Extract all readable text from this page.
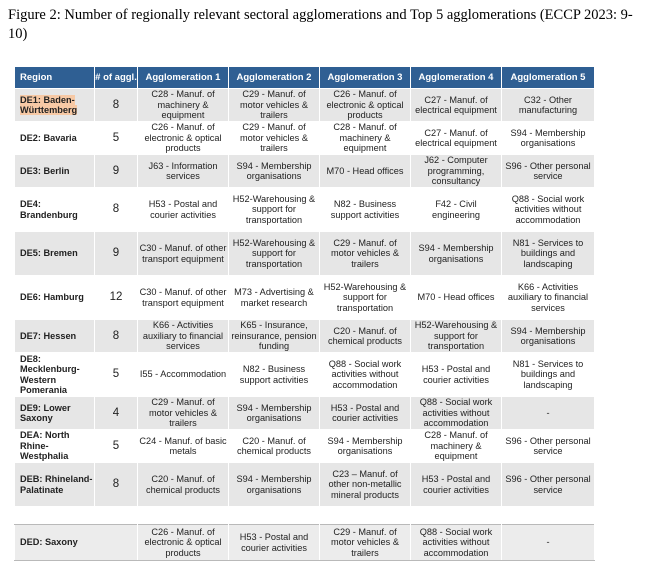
Figure 2: Number of regionally relevant sectoral agglomerations and Top 5 agglomerations (ECCP 2023: 9-10)
Region	# of aggl.	Agglomeration 1	Agglomeration 2	Agglomeration 3	Agglomeration 4	Agglomeration 5
DE1: Baden-Württemberg	8	C28 - Manuf. of machinery & equipment	C29 - Manuf. of motor vehicles & trailers	C26 - Manuf. of electronic & optical products	C27 - Manuf. of electrical equipment	C32 - Other manufacturing
DE2: Bavaria	5	C26 - Manuf. of electronic & optical products	C29 - Manuf. of motor vehicles & trailers	C28 - Manuf. of machinery & equipment	C27 - Manuf. of electrical equipment	S94 - Membership organisations
DE3: Berlin	9	J63 - Information services	S94 - Membership organisations	M70 - Head offices	J62 - Computer programming, consultancy	S96 - Other personal service
DE4: Brandenburg	8	H53 - Postal and courier activities	H52-Warehousing & support for transportation	N82 - Business support activities	F42 - Civil engineering	Q88 - Social work activities without accommodation
DE5: Bremen	9	C30 - Manuf. of other transport equipment	H52-Warehousing & support for transportation	C29 - Manuf. of motor vehicles & trailers	S94 - Membership organisations	N81 - Services to buildings and landscaping
DE6: Hamburg	12	C30 - Manuf. of other transport equipment	M73 - Advertising & market research	H52-Warehousing & support for transportation	M70 - Head offices	K66 - Activities auxiliary to financial services
DE7: Hessen	8	K66 - Activities auxiliary to financial services	K65 - Insurance, reinsurance, pension funding	C20 - Manuf. of chemical products	H52-Warehousing & support for transportation	S94 - Membership organisations
DE8: Mecklenburg-Western Pomerania	5	I55 - Accommodation	N82 - Business support activities	Q88 - Social work activities without accommodation	H53 - Postal and courier activities	N81 - Services to buildings and landscaping
DE9: Lower Saxony	4	C29 - Manuf. of motor vehicles & trailers	S94 - Membership organisations	H53 - Postal and courier activities	Q88 - Social work activities without accommodation	-
DEA: North Rhine-Westphalia	5	C24 - Manuf. of basic metals	C20 - Manuf. of chemical products	S94 - Membership organisations	C28 - Manuf. of machinery & equipment	S96 - Other personal service
DEB: Rhineland-Palatinate	8	C20 - Manuf. of chemical products	S94 - Membership organisations	C23 – Manuf. of other non-metallic mineral products	H53 - Postal and courier activities	S96 - Other personal service
DED: Saxony		C26 - Manuf. of electronic & optical products	H53 - Postal and courier activities	C29 - Manuf. of motor vehicles & trailers	Q88 - Social work activities without accommodation	-
